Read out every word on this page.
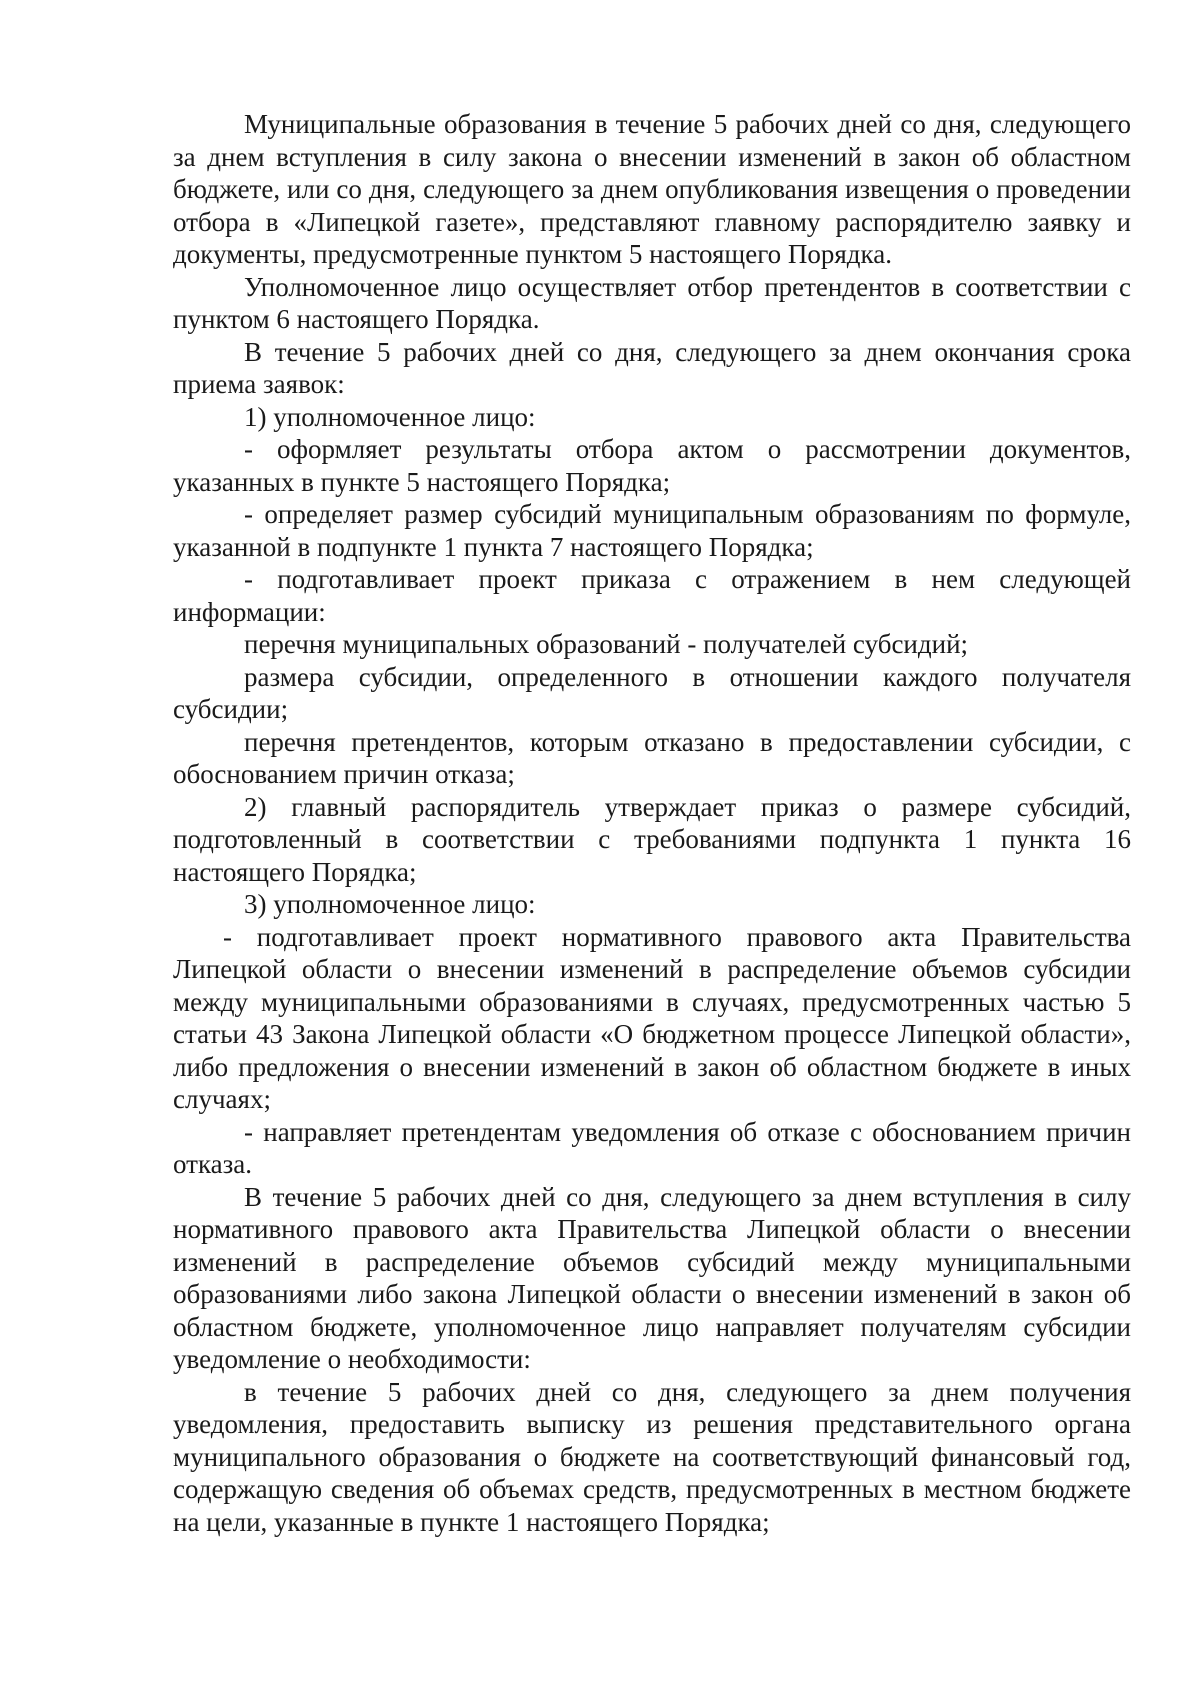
Муниципальные образования в течение 5 рабочих дней со дня, следующего за днем вступления в силу закона о внесении изменений в закон об областном бюджете, или со дня, следующего за днем опубликования извещения о проведении отбора в «Липецкой газете», представляют главному распорядителю заявку и документы, предусмотренные пунктом 5 настоящего Порядка.

Уполномоченное лицо осуществляет отбор претендентов в соответствии с пунктом 6 настоящего Порядка.

В течение 5 рабочих дней со дня, следующего за днем окончания срока приема заявок:

1) уполномоченное лицо:

- оформляет результаты отбора актом о рассмотрении документов, указанных в пункте 5 настоящего Порядка;

- определяет размер субсидий муниципальным образованиям по формуле, указанной в подпункте 1 пункта 7 настоящего Порядка;

- подготавливает проект приказа с отражением в нем следующей информации:

перечня муниципальных образований - получателей субсидий;

размера субсидии, определенного в отношении каждого получателя субсидии;

перечня претендентов, которым отказано в предоставлении субсидии, с обоснованием причин отказа;

2) главный распорядитель утверждает приказ о размере субсидий, подготовленный в соответствии с требованиями подпункта 1 пункта 16 настоящего Порядка;

3) уполномоченное лицо:

- подготавливает проект нормативного правового акта Правительства Липецкой области о внесении изменений в распределение объемов субсидии между муниципальными образованиями в случаях, предусмотренных частью 5 статьи 43 Закона Липецкой области «О бюджетном процессе Липецкой области», либо предложения о внесении изменений в закон об областном бюджете в иных случаях;

- направляет претендентам уведомления об отказе с обоснованием причин отказа.

В течение 5 рабочих дней со дня, следующего за днем вступления в силу нормативного правового акта Правительства Липецкой области о внесении изменений в распределение объемов субсидий между муниципальными образованиями либо закона Липецкой области о внесении изменений в закон об областном бюджете, уполномоченное лицо направляет получателям субсидии уведомление о необходимости:

в течение 5 рабочих дней со дня, следующего за днем получения уведомления, предоставить выписку из решения представительного органа муниципального образования о бюджете на соответствующий финансовый год, содержащую сведения об объемах средств, предусмотренных в местном бюджете на цели, указанные в пункте 1 настоящего Порядка;
